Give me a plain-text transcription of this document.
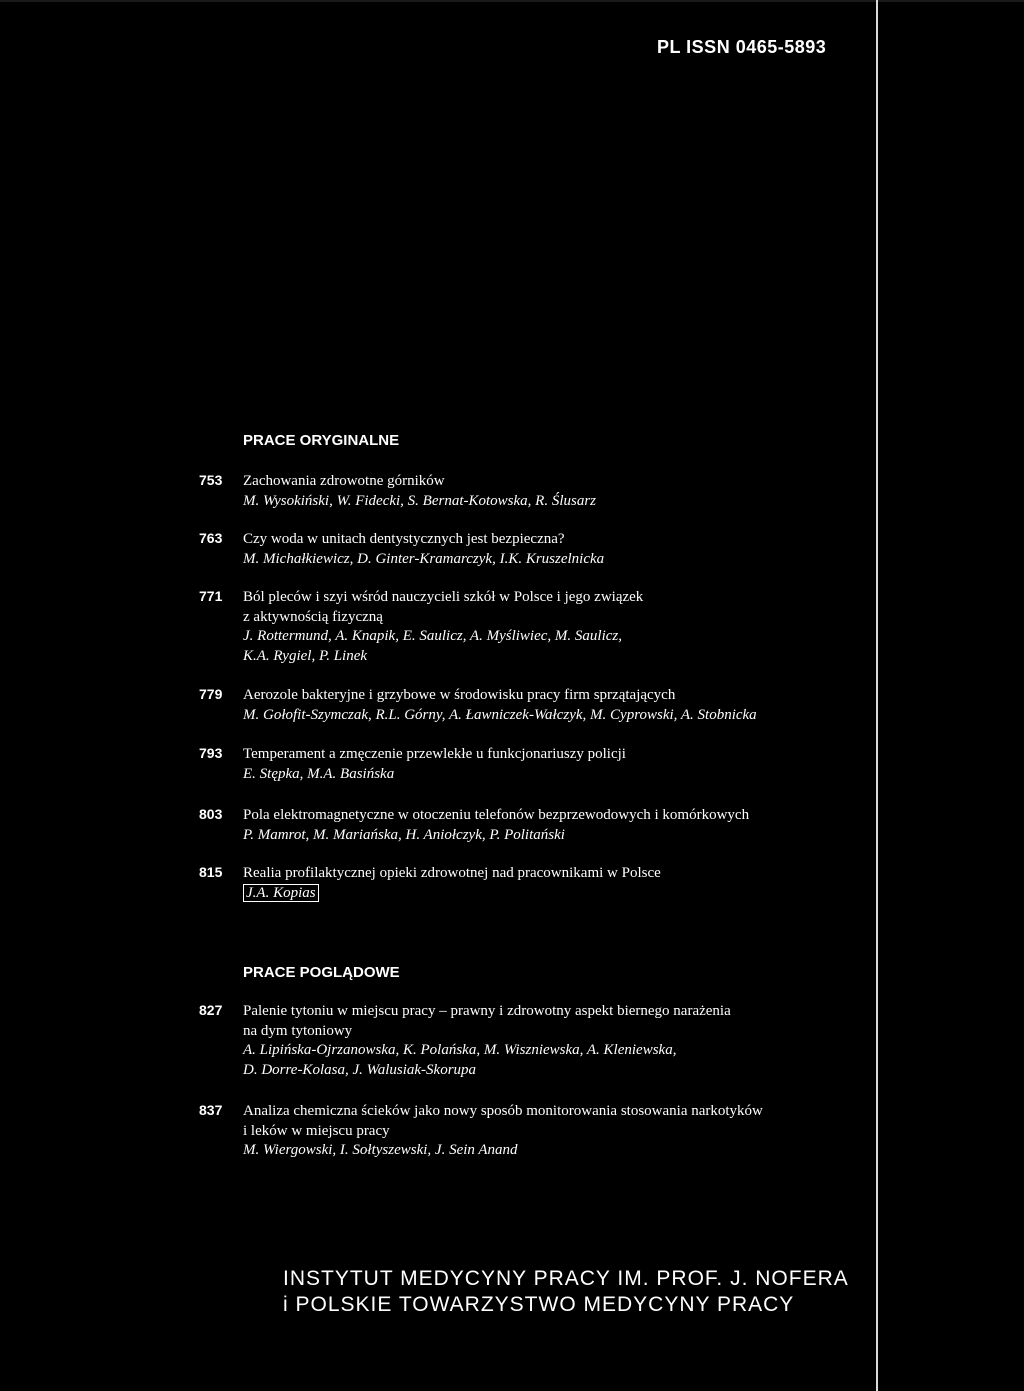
PL ISSN 0465-5893
PRACE ORYGINALNE
753 Zachowania zdrowotne górników
M. Wysokiński, W. Fidecki, S. Bernat-Kotowska, R. Ślusarz
763 Czy woda w unitach dentystycznych jest bezpieczna?
M. Michałkiewicz, D. Ginter-Kramarczyk, I.K. Kruszelnicka
771 Ból pleców i szyi wśród nauczycieli szkół w Polsce i jego związek
z aktywnością fizyczną
J. Rottermund, A. Knapik, E. Saulicz, A. Myśliwiec, M. Saulicz,
K.A. Rygiel, P. Linek
779 Aerozole bakteryjne i grzybowe w środowisku pracy firm sprzątających
M. Gołofit-Szymczak, R.L. Górny, A. Ławniczek-Wałczyk, M. Cyprowski, A. Stobnicka
793 Temperament a zmęczenie przewlekłe u funkcjonariuszy policji
E. Stępka, M.A. Basińska
803 Pola elektromagnetyczne w otoczeniu telefonów bezprzewodowych i komórkowych
P. Mamrot, M. Mariańska, H. Aniołczyk, P. Politański
815 Realia profilaktycznej opieki zdrowotnej nad pracownikami w Polsce
J.A. Kopias
PRACE POGLĄDOWE
827 Palenie tytoniu w miejscu pracy – prawny i zdrowotny aspekt biernego narażenia
na dym tytoniowy
A. Lipińska-Ojrzanowska, K. Polańska, M. Wiszniewska, A. Kleniewska,
D. Dorre-Kolasa, J. Walusiak-Skorupa
837 Analiza chemiczna ścieków jako nowy sposób monitorowania stosowania narkotyków
i leków w miejscu pracy
M. Wiergowski, I. Sołtyszewski, J. Sein Anand
INSTYTUT MEDYCYNY PRACY IM. PROF. J. NOFERA
i POLSKIE TOWARZYSTWO MEDYCYNY PRACY
